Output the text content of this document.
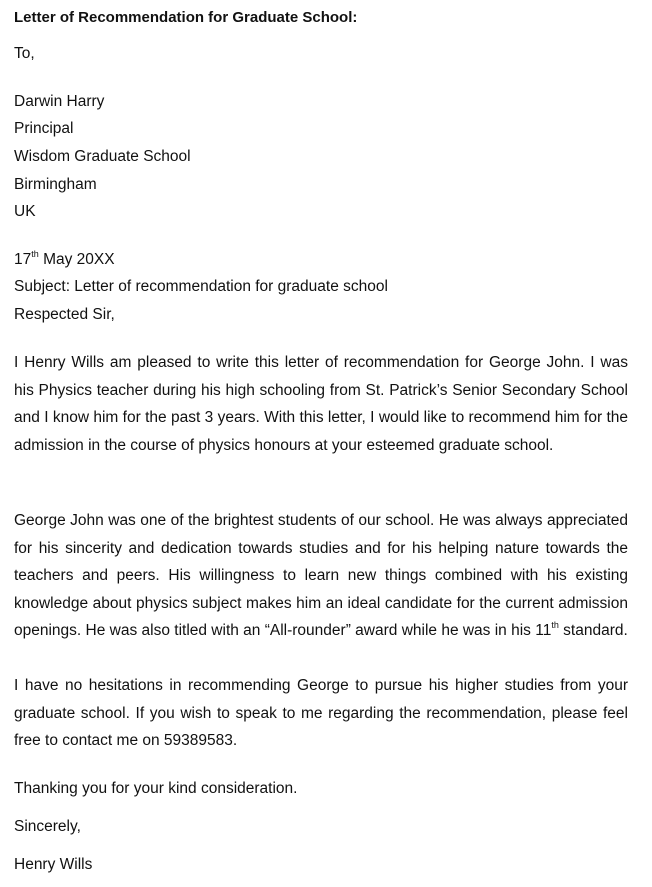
Letter of Recommendation for Graduate School:
To,
Darwin Harry
Principal
Wisdom Graduate School
Birmingham
UK
17th May 20XX
Subject: Letter of recommendation for graduate school
Respected Sir,
I Henry Wills am pleased to write this letter of recommendation for George John. I was his Physics teacher during his high schooling from St. Patrick’s Senior Secondary School and I know him for the past 3 years. With this letter, I would like to recommend him for the admission in the course of physics honours at your esteemed graduate school.
George John was one of the brightest students of our school. He was always appreciated for his sincerity and dedication towards studies and for his helping nature towards the teachers and peers. His willingness to learn new things combined with his existing knowledge about physics subject makes him an ideal candidate for the current admission openings. He was also titled with an “All-rounder” award while he was in his 11th standard.
I have no hesitations in recommending George to pursue his higher studies from your graduate school. If you wish to speak to me regarding the recommendation, please feel free to contact me on 59389583.
Thanking you for your kind consideration.
Sincerely,
Henry Wills
